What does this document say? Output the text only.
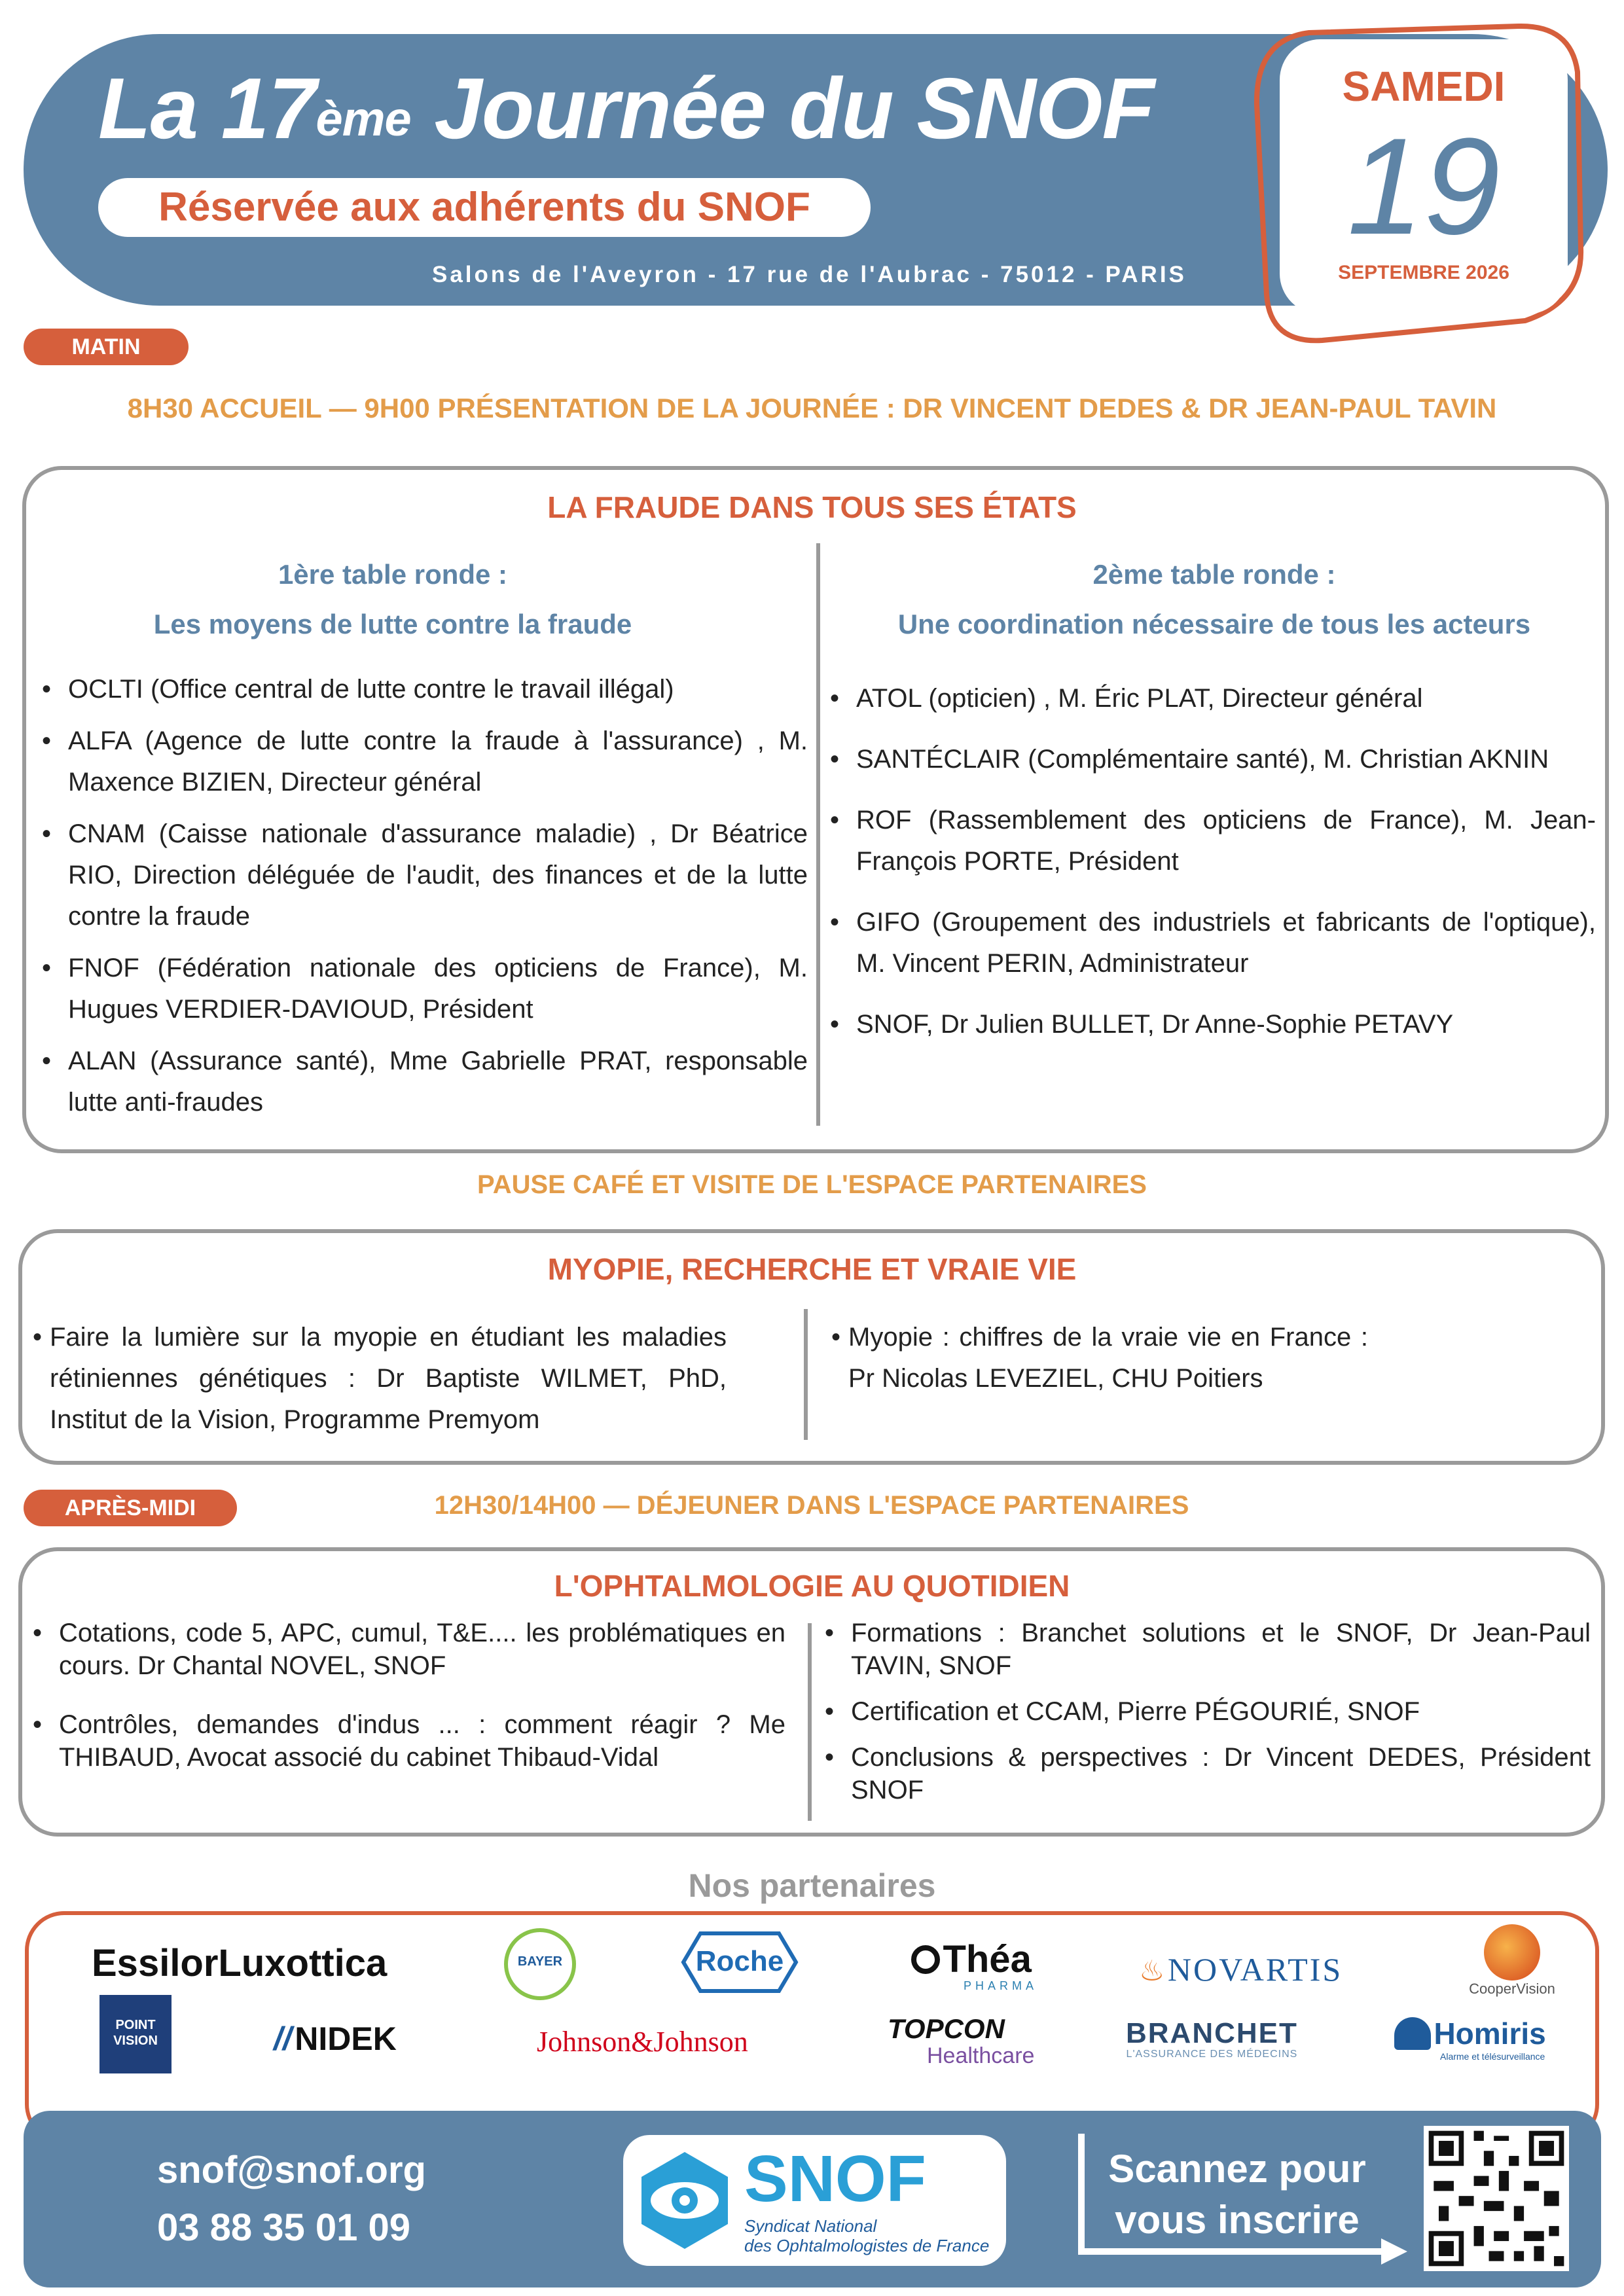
La 17ème Journée du SNOF
Réservée aux adhérents du SNOF
Salons de l'Aveyron - 17 rue de l'Aubrac - 75012 - PARIS
SAMEDI
19
SEPTEMBRE 2026
MATIN
8H30 ACCUEIL — 9H00 PRÉSENTATION DE LA JOURNÉE : DR VINCENT DEDES & DR JEAN-PAUL TAVIN
LA FRAUDE DANS TOUS SES ÉTATS
1ère table ronde :
Les moyens de lutte contre la fraude
• OCLTI (Office central de lutte contre le travail illégal)
• ALFA (Agence de lutte contre la fraude à l'assurance) , M. Maxence BIZIEN, Directeur général
• CNAM (Caisse nationale d'assurance maladie) , Dr Béatrice RIO, Direction déléguée de l'audit, des finances et de la lutte contre la fraude
• FNOF (Fédération nationale des opticiens de France), M. Hugues VERDIER-DAVIOUD, Président
• ALAN (Assurance santé), Mme Gabrielle PRAT, responsable lutte anti-fraudes
2ème table ronde :
Une coordination nécessaire de tous les acteurs
• ATOL (opticien) , M. Éric PLAT, Directeur général
• SANTÉCLAIR (Complémentaire santé), M. Christian AKNIN
• ROF (Rassemblement des opticiens de France), M. Jean-François PORTE, Président
• GIFO (Groupement des industriels et fabricants de l'optique), M. Vincent PERIN, Administrateur
• SNOF, Dr Julien BULLET, Dr Anne-Sophie PETAVY
PAUSE CAFÉ ET VISITE DE L'ESPACE PARTENAIRES
MYOPIE, RECHERCHE ET VRAIE VIE
• Faire la lumière sur la myopie en étudiant les maladies rétiniennes génétiques : Dr Baptiste WILMET, PhD, Institut de la Vision, Programme Premyom
• Myopie : chiffres de la vraie vie en France : Pr Nicolas LEVEZIEL, CHU Poitiers
APRÈS-MIDI	12H30/14H00 — DÉJEUNER DANS L'ESPACE PARTENAIRES
L'OPHTALMOLOGIE AU QUOTIDIEN
• Cotations, code 5, APC, cumul, T&E.... les problématiques en cours. Dr Chantal NOVEL, SNOF
• Contrôles, demandes d'indus ... : comment réagir ? Me THIBAUD, Avocat associé du cabinet Thibaud-Vidal
• Formations : Branchet solutions et le SNOF, Dr Jean-Paul TAVIN, SNOF
• Certification et CCAM, Pierre PÉGOURIÉ, SNOF
• Conclusions & perspectives : Dr Vincent DEDES, Président SNOF
Nos partenaires
EssilorLuxottica	BAYER	Roche	Théa
PHARMA	♨ NOVARTIS
CooperVision
POINT
VISION	// NIDEK	Johnson&Johnson	TOPCON
Healthcare
BRANCHET
L'ASSURANCE DES MÉDECINS
Homiris
Alarme et télésurveillance
snof@snof.org
03 88 35 01 09
SNOF
Syndicat National
des Ophtalmologistes de France
Scannez pour vous inscrire
